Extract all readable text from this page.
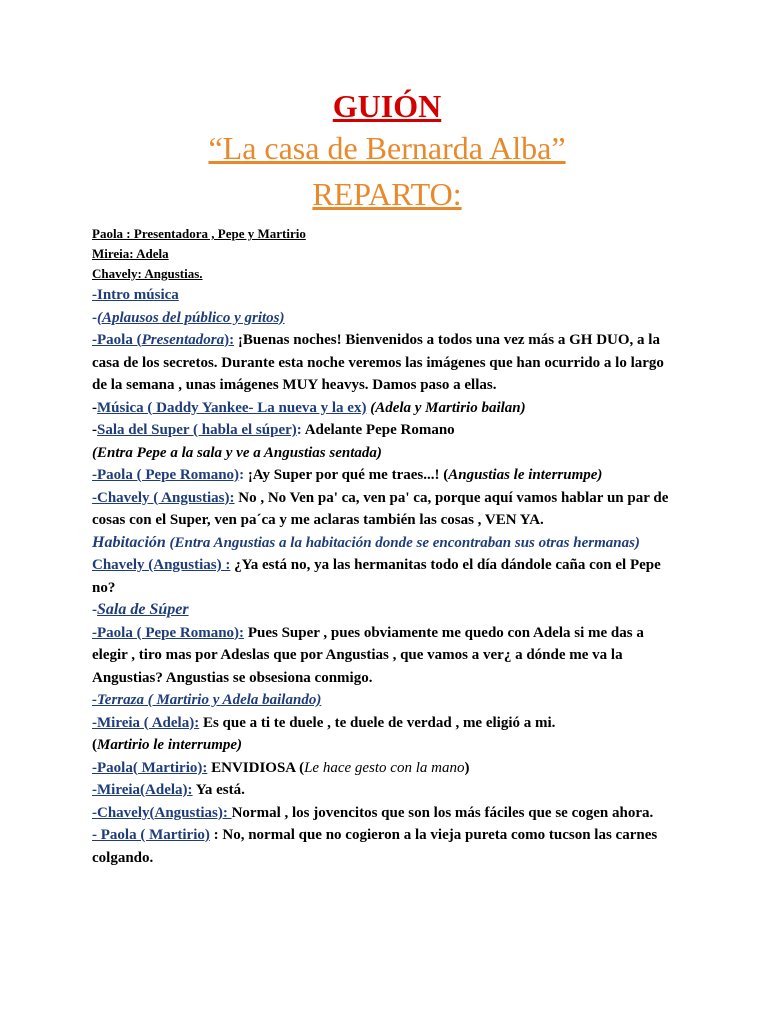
GUIÓN
“La casa de Bernarda Alba”
REPARTO:
Paola : Presentadora , Pepe y Martirio
Mireia: Adela
Chavely: Angustias.
-Intro música
-(Aplausos del público y gritos)
-Paola (Presentadora): ¡Buenas noches! Bienvenidos a todos una vez más a GH DUO, a la casa de los secretos. Durante esta noche veremos las imágenes que han ocurrido a lo largo de la semana , unas imágenes MUY heavys. Damos paso a ellas.
-Música ( Daddy Yankee- La nueva y la ex) (Adela y Martirio bailan)
-Sala del Super ( habla el súper): Adelante Pepe Romano
(Entra Pepe a la sala y ve a Angustias sentada)
-Paola ( Pepe Romano): ¡Ay Super por qué me traes...! (Angustias le interrumpe)
-Chavely ( Angustias): No , No Ven pa' ca, ven pa' ca, porque aquí vamos hablar un par de cosas con el Super, ven pa´ca y me aclaras también las cosas , VEN YA.
Habitación (Entra Angustias a la habitación donde se encontraban sus otras hermanas)
Chavely (Angustias) : ¿Ya está no, ya las hermanitas todo el día dándole caña con el Pepe no?
-Sala de Súper
-Paola ( Pepe Romano): Pues Super , pues obviamente me quedo con Adela si me das a elegir , tiro mas por Adeslas que por Angustias , que vamos a ver¿ a dónde me va la Angustias? Angustias se obsesiona conmigo.
-Terraza ( Martirio y Adela bailando)
-Mireia ( Adela): Es que a ti te duele , te duele de verdad , me eligió a mi.
(Martirio le interrumpe)
-Paola( Martirio): ENVIDIOSA (Le hace gesto con la mano)
-Mireia(Adela): Ya está.
-Chavely(Angustias): Normal , los jovencitos que son los más fáciles que se cogen ahora.
- Paola ( Martirio) : No, normal que no cogieron a la vieja pureta como tucson las carnes colgando.
